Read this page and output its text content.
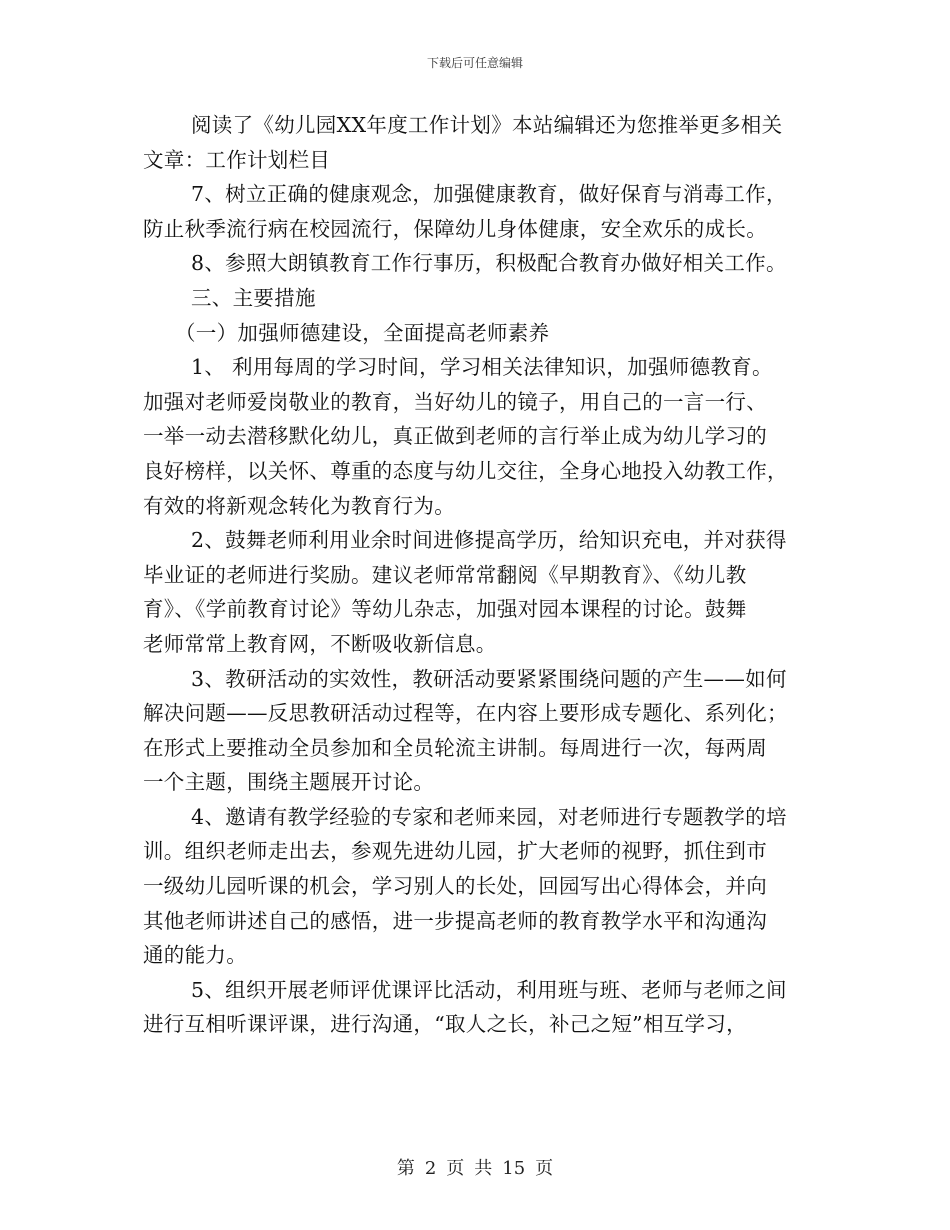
下载后可任意编辑
阅读了《幼儿园XX年度工作计划》本站编辑还为您推举更多相关
文章：工作计划栏目
7、树立正确的健康观念，加强健康教育，做好保育与消毒工作，
防止秋季流行病在校园流行，保障幼儿身体健康，安全欢乐的成长。
8、参照大朗镇教育工作行事历，积极配合教育办做好相关工作。
三、主要措施
（一）加强师德建设，全面提高老师素养
1、 利用每周的学习时间，学习相关法律知识，加强师德教育。
加强对老师爱岗敬业的教育，当好幼儿的镜子，用自己的一言一行、
一举一动去潜移默化幼儿，真正做到老师的言行举止成为幼儿学习的
良好榜样，以关怀、尊重的态度与幼儿交往，全身心地投入幼教工作，
有效的将新观念转化为教育行为。
2、鼓舞老师利用业余时间进修提高学历，给知识充电，并对获得
毕业证的老师进行奖励。建议老师常常翻阅《早期教育》、《幼儿教
育》、《学前教育讨论》等幼儿杂志，加强对园本课程的讨论。鼓舞
老师常常上教育网，不断吸收新信息。
3、教研活动的实效性，教研活动要紧紧围绕问题的产生——如何
解决问题——反思教研活动过程等，在内容上要形成专题化、系列化；
在形式上要推动全员参加和全员轮流主讲制。每周进行一次，每两周
一个主题，围绕主题展开讨论。
4、邀请有教学经验的专家和老师来园，对老师进行专题教学的培
训。组织老师走出去，参观先进幼儿园，扩大老师的视野，抓住到市
一级幼儿园听课的机会，学习别人的长处，回园写出心得体会，并向
其他老师讲述自己的感悟，进一步提高老师的教育教学水平和沟通沟
通的能力。
5、组织开展老师评优课评比活动，利用班与班、老师与老师之间
进行互相听课评课，进行沟通，“取人之长，补己之短”相互学习，
第 2 页 共 15 页
